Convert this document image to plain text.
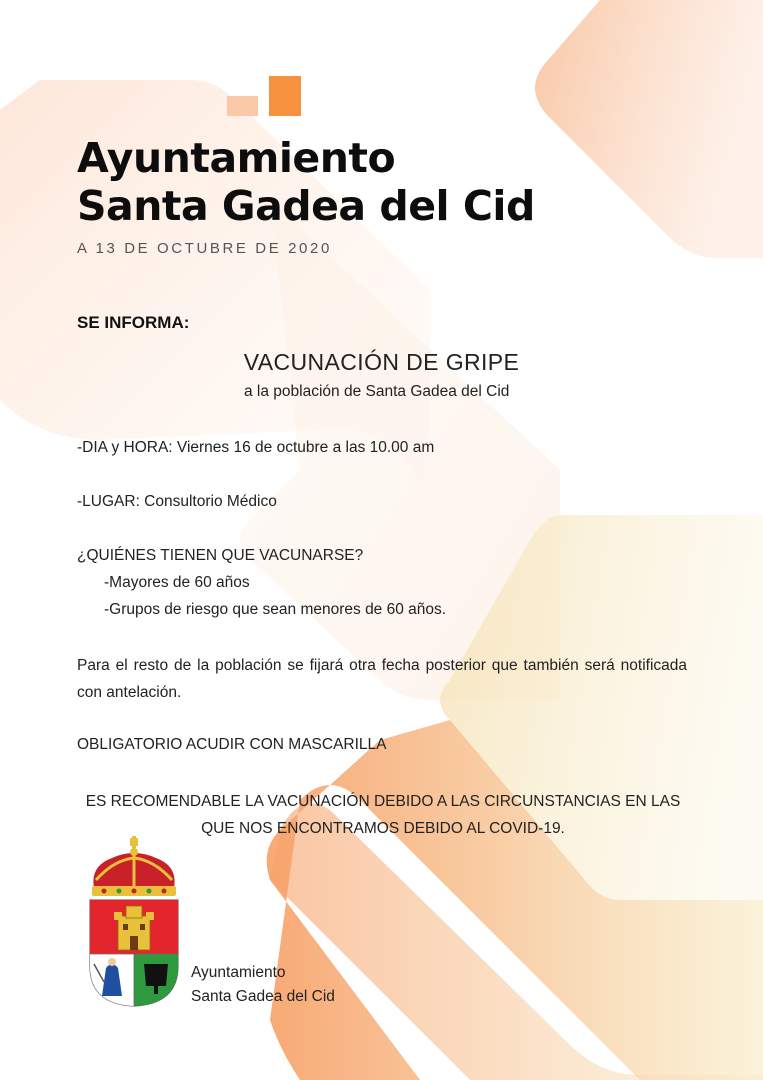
Ayuntamiento
Santa Gadea del Cid
A 13 DE OCTUBRE DE 2020
SE INFORMA:
VACUNACIÓN DE GRIPE
a la población de Santa Gadea del Cid
-DIA y HORA: Viernes 16 de octubre a las 10.00 am
-LUGAR: Consultorio Médico
¿QUIÉNES TIENEN QUE VACUNARSE?
-Mayores de 60 años
-Grupos de riesgo que sean menores de 60 años.
Para el resto de la población se fijará otra fecha posterior que también será notificada con antelación.
OBLIGATORIO ACUDIR CON MASCARILLA
ES RECOMENDABLE LA VACUNACIÓN DEBIDO A LAS CIRCUNSTANCIAS EN LAS QUE NOS ENCONTRAMOS DEBIDO AL COVID-19.
Ayuntamiento
Santa Gadea del Cid
